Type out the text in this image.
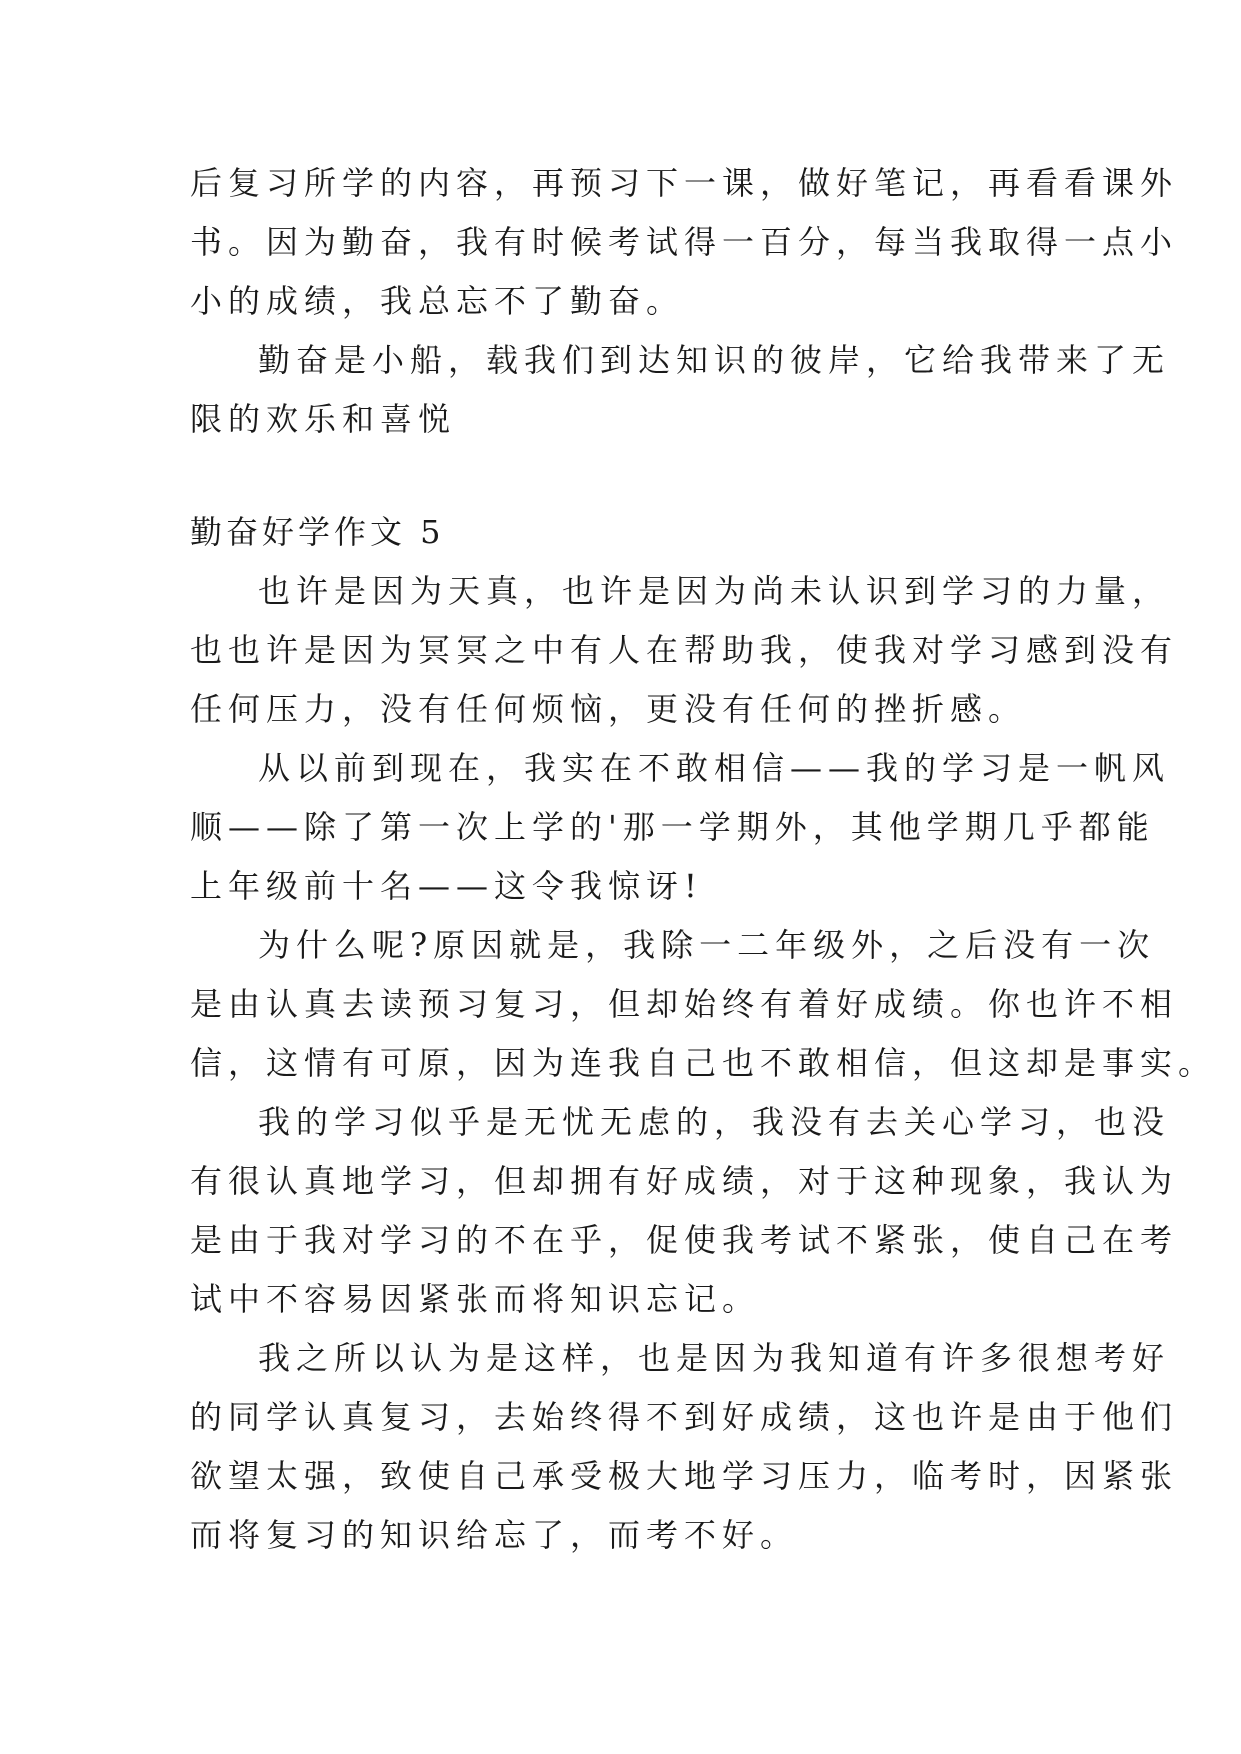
后复习所学的内容，再预习下一课，做好笔记，再看看课外
书。因为勤奋，我有时候考试得一百分，每当我取得一点小
小的成绩，我总忘不了勤奋。
勤奋是小船，载我们到达知识的彼岸，它给我带来了无
限的欢乐和喜悦
勤奋好学作文 5
也许是因为天真，也许是因为尚未认识到学习的力量，
也也许是因为冥冥之中有人在帮助我，使我对学习感到没有
任何压力，没有任何烦恼，更没有任何的挫折感。
从以前到现在，我实在不敢相信——我的学习是一帆风
顺——除了第一次上学的'那一学期外，其他学期几乎都能
上年级前十名——这令我惊讶!
为什么呢?原因就是，我除一二年级外，之后没有一次
是由认真去读预习复习，但却始终有着好成绩。你也许不相
信，这情有可原，因为连我自己也不敢相信，但这却是事实。
我的学习似乎是无忧无虑的，我没有去关心学习，也没
有很认真地学习，但却拥有好成绩，对于这种现象，我认为
是由于我对学习的不在乎，促使我考试不紧张，使自己在考
试中不容易因紧张而将知识忘记。
我之所以认为是这样，也是因为我知道有许多很想考好
的同学认真复习，去始终得不到好成绩，这也许是由于他们
欲望太强，致使自己承受极大地学习压力，临考时，因紧张
而将复习的知识给忘了，而考不好。
